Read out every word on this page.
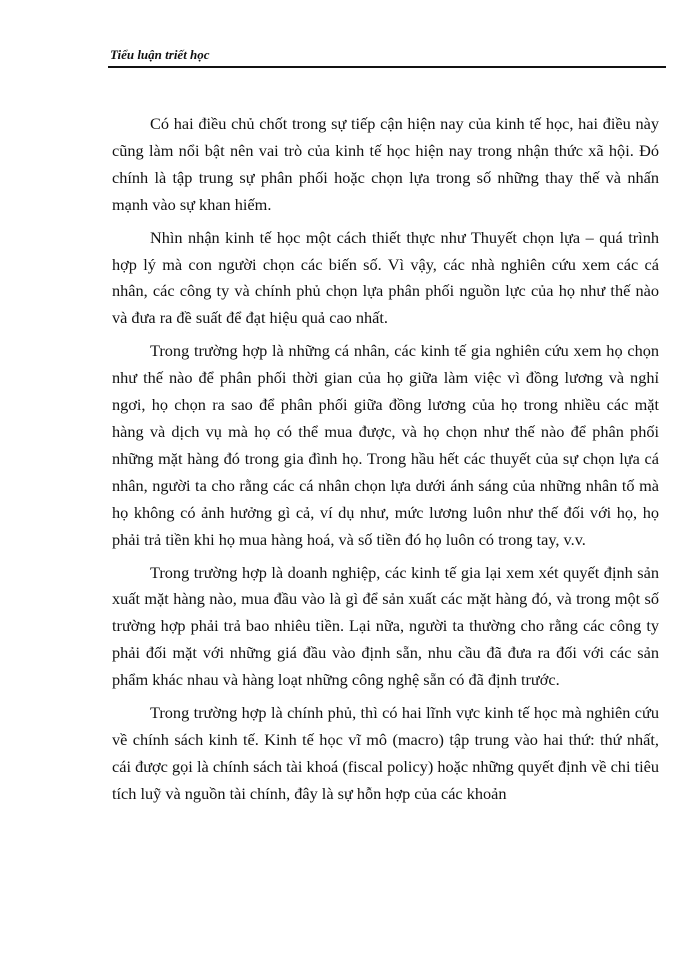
Tiểu luận triết học

Có hai điều chủ chốt trong sự tiếp cận hiện nay của kinh tế học, hai điều này cũng làm nổi bật nên vai trò của kinh tế học hiện nay trong nhận thức xã hội. Đó chính là tập trung sự phân phối hoặc chọn lựa trong số những thay thế và nhấn mạnh vào sự khan hiếm.

Nhìn nhận kinh tế học một cách thiết thực như Thuyết chọn lựa – quá trình hợp lý mà con người chọn các biến số. Vì vậy, các nhà nghiên cứu xem các cá nhân, các công ty và chính phủ chọn lựa phân phối nguồn lực của họ như thế nào và đưa ra đề suất để đạt hiệu quả cao nhất.

Trong trường hợp là những cá nhân, các kinh tế gia nghiên cứu xem họ chọn như thế nào để phân phối thời gian của họ giữa làm việc vì đồng lương và nghỉ ngơi, họ chọn ra sao để phân phối giữa đồng lương của họ trong nhiều các mặt hàng và dịch vụ mà họ có thể mua được, và họ chọn như thế nào để phân phối những mặt hàng đó trong gia đình họ. Trong hầu hết các thuyết của sự chọn lựa cá nhân, người ta cho rằng các cá nhân chọn lựa dưới ánh sáng của những nhân tố mà họ không có ảnh hưởng gì cả, ví dụ như, mức lương luôn như thế đối với họ, họ phải trả tiền khi họ mua hàng hoá, và số tiền đó họ luôn có trong tay, v.v.

Trong trường hợp là doanh nghiệp, các kinh tế gia lại xem xét quyết định sản xuất mặt hàng nào, mua đầu vào là gì để sản xuất các mặt hàng đó, và trong một số trường hợp phải trả bao nhiêu tiền. Lại nữa, người ta thường cho rằng các công ty phải đối mặt với những giá đầu vào định sẵn, nhu cầu đã đưa ra đối với các sản phẩm khác nhau và hàng loạt những công nghệ sẵn có đã định trước.

Trong trường hợp là chính phủ, thì có hai lĩnh vực kinh tế học mà nghiên cứu về chính sách kinh tế. Kinh tế học vĩ mô (macro) tập trung vào hai thứ: thứ nhất, cái được gọi là chính sách tài khoá (fiscal policy) hoặc những quyết định về chi tiêu tích luỹ và nguồn tài chính, đây là sự hỗn hợp của các khoản
